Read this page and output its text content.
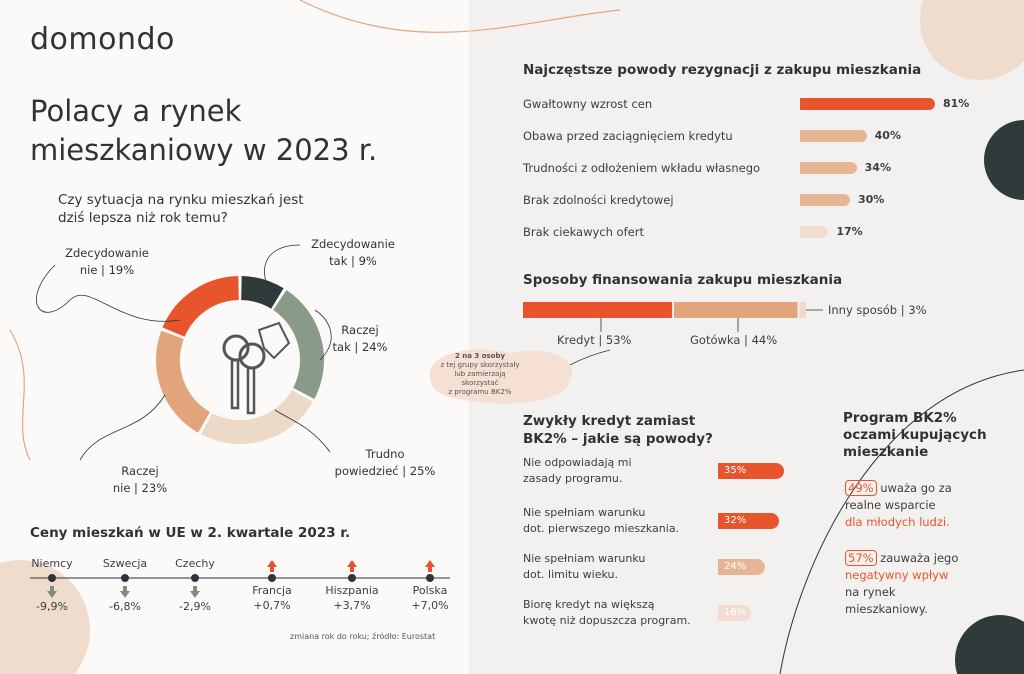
domondo
Polacy a rynek mieszkaniowy w 2023 r.
Czy sytuacja na rynku mieszkań jest dziś lepsza niż rok temu?
Zdecydowanie
nie | 19%
Zdecydowanie
tak | 9%
Raczej
tak | 24%
Trudno
powiedzieć | 25%
Raczej
nie | 23%
Ceny mieszkań w UE w 2. kwartale 2023 r.
Niemcy
-9,9%
Szwecja
-6,8%
Czechy
-2,9%
Francja
+0,7%
Hiszpania
+3,7%
Polska
+7,0%
zmiana rok do roku; źródło: Eurostat
Najczęstsze powody rezygnacji z zakupu mieszkania
Gwałtowny wzrost cen	81%
Obawa przed zaciągnięciem kredytu	40%
Trudności z odłożeniem wkładu własnego	34%
Brak zdolności kredytowej	30%
Brak ciekawych ofert	17%
Sposoby finansowania zakupu mieszkania
Inny sposób | 3%
Kredyt | 53%	Gotówka | 44%
2 na 3 osoby
z tej grupy skorzystały
lub zamierzają skorzystać
z programu BK2%
Zwykły kredyt zamiast
BK2% – jakie są powody?
Nie odpowiadają mi
zasady programu.
35%
Nie spełniam warunku
dot. pierwszego mieszkania.
32%
Nie spełniam warunku
dot. limitu wieku.
24%
Biorę kredyt na większą
kwotę niż dopuszcza program.
16%
Program BK2%
oczami kupujących
mieszkanie
49% uważa go za
realne wsparcie
dla młodych ludzi.
57% zauważa jego
negatywny wpływ
na rynek
mieszkaniowy.
